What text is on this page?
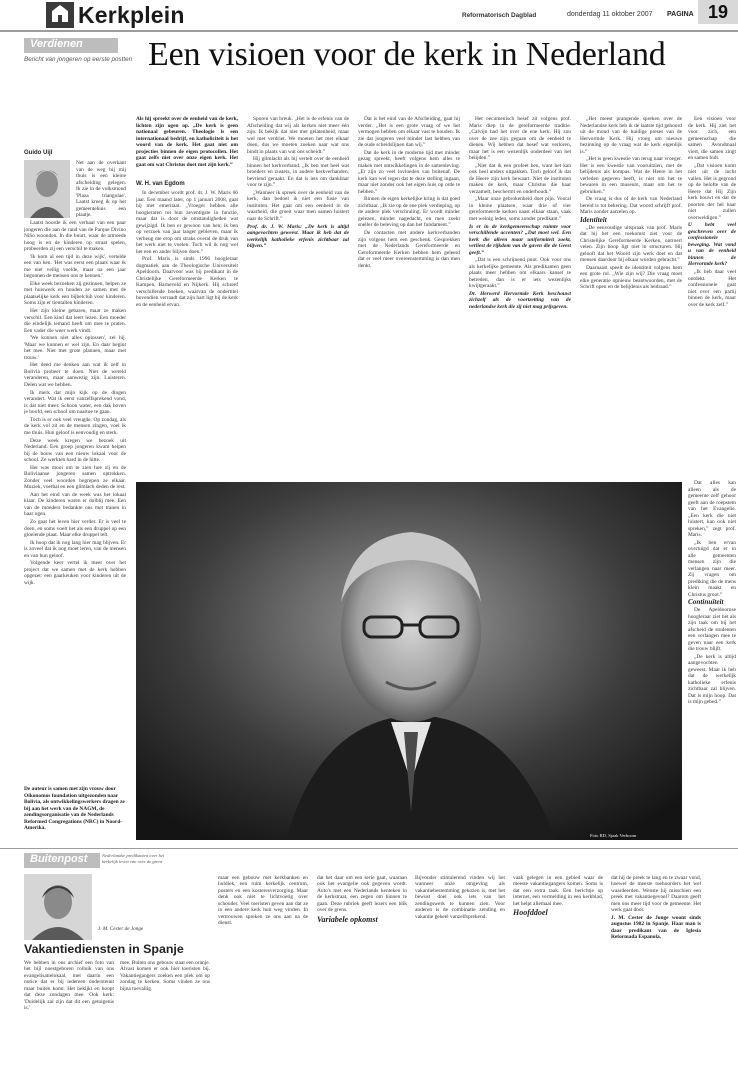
Kerkplein	Reformatorisch Dagblad	donderdag 11 oktober 2007 PAGINA 19
Verdienen
Bericht van jongeren op eerste postten Een visioen voor de kerk in Nederland
Guido Uijl

Net aan de overkant van de weg bij mij thuis is een kleine afscheiding gelegen. Ik zie in de volksmond 'Plaza triangulae'. Laatst kreeg ik op het gemeentehuis een plaatje.

Laatst hoorde ik een verhaal van een paar jongeren die aan de rand van de Parque Divino Niño woonden. In die buurt, waar de armoede hoog is en de kinderen op straat spelen, probeerden zij een verschil te maken.

'Ik kom al een tijd in deze wijk', vertelde een van hen. 'Het was eerst een plaats waar ik me niet veilig voelde, maar na een jaar begonnen de mensen ons te kennen.'

Elke week bezoeken zij gezinnen, helpen ze met huiswerk en houden ze samen met de plaatselijke kerk een bijbelclub voor kinderen. Soms zijn er tientallen kinderen.

Het zijn kleine gebaren, maar ze maken verschil. Een kind dat leert lezen. Een moeder die eindelijk iemand heeft om mee te praten. Een vader die weer werk vindt.

'We kunnen niet alles oplossen', zei hij. 'Maar we kunnen er wel zijn. En daar begint het mee. Niet met grote plannen, maar met trouw.'

Het deed me denken aan wat ik zelf in Bolivia probeer te doen. Niet de wereld veranderen, maar aanwezig zijn. Luisteren. Delen wat we hebben.

Ik merk dat mijn kijk op de dingen verandert. Wat ik eerst vanzelfsprekend vond, is dat niet meer. Schoon water, een dak boven je hoofd, een school om naartoe te gaan.

Toch is er ook veel vreugde. Op zondag, als de kerk vol zit en de mensen zingen, voel ik me thuis. Hun geloof is eenvoudig en sterk.

Deze week kregen we bezoek uit Nederland. Een groep jongeren kwam helpen bij de bouw van een nieuw lokaal voor de school. Ze werkten hard in de hitte.

Het was mooi om te zien hoe zij en de Boliviaanse jongeren samen optrokken. Zonder veel woorden begrepen ze elkaar. Muziek, voetbal en een glimlach deden de rest.

Aan het eind van de week was het lokaal klaar. De kinderen waren er dolblij mee. Een van de moeders bedankte ons met tranen in haar ogen.

Zo gaat het leven hier verder. Er is veel te doen, en soms voelt het als een druppel op een gloeiende plaat. Maar elke druppel telt.

Ik hoop dat ik nog lang hier mag blijven. Er is zoveel dat ik nog moet leren, van de mensen en van hun geloof.

Volgende keer vertel ik meer over het project dat we samen met de kerk hebben opgezet: een gaarkeuken voor kinderen uit de wijk.

De auteur is samen met zijn vrouw door Oikonomos foundation uitgezonden naar Bolivia, als ontwikkelingswerkers dragen ze bij aan het werk van de NAGM, de zendingsorganisatie van de Nederlands Reformed Congregations (NRC) in Noord-Amerika.
Als hij spreekt over de eenheid van de kerk, lichten zijn ogen op. „De kerk is geen nationaal gebeuren. Theologie is een internationaal bedrijf, en katholiciteit is het woord van de kerk. Het gaat niet om projecties binnen de eigen protocollen. Het gaat zelfs niet over onze eigen kerk. Het gaat om wat Christus doet met zijn kerk.”
W. H. van Egdom

In december wordt prof. dr. J. W. Maris 66 jaar. Een maand later, op 1 januari 2008, gaat hij met emeritaat. „Vroeger hebben alle hoogleraren tot hun zeventigste in functie, maar dat is door de omstandigheden wat gewijzigd. Ik ben er gewoon van hen; ik ben op verzoek van jaar langer gebleven, maar ik verheug me erop om straks overal de druk van het werk niet te voelen. Toch wil ik nog wel het een en ander blijven doen.”

Prof. Maris is sinds 1996 hoogleraar dogmatiek aan de Theologische Universiteit Apeldoorn. Daarvoor was hij predikant in de Christelijke Gereformeerde Kerken te Kampen, Barneveld en Nijkerk. Hij schreef verschillende boeken, waarvan de ondertitel bovendien verraadt dat zijn hart ligt bij de kerk en de eenheid ervan.

Sporen van breuk. „Het is de erfenis van de Afscheiding dat wij als kerken niet meer één zijn. Ik bekijk dat niet met gelatenheid, maar wel met verdriet. We moeten het met elkaar doen, dus we moeten zoeken naar wat ons bindt in plaats van wat ons scheidt.”

Hij glimlacht als hij vertelt over de eenheid binnen het kerkverband. „Ik ben met heel wat broeders en zusters, in andere kerkverbanden, bevriend geraakt. En dat is iets om dankbaar voor te zijn.”

„Wanneer ik spreek over de eenheid van de kerk, dan bedoel ik niet een fusie van instituten. Het gaat om een eenheid in de waarheid, die groeit waar men samen luistert naar de Schrift.”

Prof. dr. J. W. Maris: „De kerk is altijd aangevochten geweest. Maar ik heb dat de werkelijk katholieke erfenis zichtbaar zal blijven.”

Dat is het eind van de Afscheiding, gaat hij verder. „Het is een grote vraag of we het vermogen hebben om elkaar vast te houden. Ik zie dat jongeren veel minder last hebben van de oude scheidslijnen dan wij.”

Dat de kerk in de moderne tijd met minder gezag spreekt, heeft volgens hem alles te maken met ontwikkelingen in de samenleving. „Er zijn zo veel invloeden van buitenaf. De kerk kan wel tegen dat te deze stelling ingaan, maar niet zonder ook het eigen huis op orde te hebben.”

Binnen de eigen kerkelijke kring is dat goed zichtbaar. „Ik zie op de ene plek verdieping, op de andere plek verschraling. Er wordt minder gelezen, minder nagedacht, en men zoekt sneller de beleving op dan het fundament.”

De contacten met andere kerkverbanden zijn volgens hem een geschenk. Gesprekken met de Nederlands Gereformeerde en Gereformeerde Kerken hebben hem geleerd dat er veel meer overeenstemming is dan men denkt.

Het oecumenisch besef zit volgens prof. Maris diep in de gereformeerde traditie. „Calvijn had het over de ene kerk. Hij zou over de zee zijn gegaan om de eenheid te dienen. Wij hebben dat besef wat verloren, maar het is een wezenlijk onderdeel van het belijden.”

„Niet dat ik een profeet ben, want het kan ook heel anders uitpakken. Toch geloof ik dat de Heere zijn kerk bewaart. Niet de instituten maken de kerk, maar Christus die haar verzamelt, beschermt en onderhoudt.”

„Maar onze gebrokenheid doet pijn. Vooral in kleine plaatsen, waar drie of vier gereformeerde kerken naast elkaar staan, vaak met weinig leden, soms zonder predikant.”

Is er in de kerkgemeenschap ruimte voor verschillende accenten? „Dat moet wel. Een kerk die alleen maar uniformiteit zoekt, verliest de rijkdom van de gaven die de Geest geeft.”

„Dat is een schrijnend punt. Ook voor ons als kerkelijke gemeente. Als predikanten geen plaats meer hebben om elkaars kansel te betreden, dan is er iets wezenlijks kwijtgeraakt.”

Dr. Herwerd Hervormde Kerk beschouwt zichzelf als de voortzetting van de nederlandse kerk die zij niet mag prijsgeven.

„Het meest prangende spreken over de Nederlandse kerk heb ik de laatste tijd gehoord uit de mond van de huidige preses van de Hervormde Kerk. Hij vroeg om nieuwe bezinning op de vraag wat de kerk eigenlijk is.”

„Het is geen kwestie van terug naar vroeger. Het is een kwestie van vooruitzien, met de belijdenis als kompas. Wat de Heere in het verleden gegeven heeft, is niet om het te bewaren in een museum, maar om het te gebruiken.”

De vraag is dus of de kerk van Nederland bereid is tot bekering. Dat woord schrijft prof. Maris zonder aarzelen op.

Identiteit

„De eenvoudige uitspraak van prof. Maris dat hij het een toekomst ziet voor de Christelijke Gereformeerde Kerken, ontroert velen. Zijn hoop ligt niet in structuren. Hij gelooft dat het Woord zijn werk doet en dat mensen daardoor bij elkaar worden gebracht.”

Daarnaast speelt de identiteit volgens hem een grote rol. „Wie zijn wij? Die vraag moet elke generatie opnieuw beantwoorden, met de Schrift open en de belijdenis als leidraad.”

Een visioen voor de kerk. Hij ziet het voor zich, een gemeenschap die samen Avondmaal viert, die samen zingt en samen bidt.

„Dat visioen komt niet uit de lucht vallen. Het is gegrond op de belofte van de Heere dat Hij Zijn kerk bouwt en dat de poorten der hel haar niet zullen overweldigen.”

U hebt veel geschreven over de confessionele beweging. Wat vond u van de eenheid binnen de Hervormde kerk?

„Ik heb daar veel ontdekt. Het confessionele gaat niet over een partij binnen de kerk, maar over de kerk zelf.”

Dat alles kan alleen als de gemeente zelf gehoor geeft aan de roepstem van het Evangelie. „Een kerk die niet luistert, kan ook niet spreken,” zegt prof. Maris.

„Ik ben ervan overtuigd dat er in alle gemeenten mensen zijn die verlangen naar meer. Zij vragen om prediking die de mens klein maakt en Christus groot.”

Continuïteit

De Apeldoornse hoogleraar ziet het als zijn taak om bij het afscheid de studenten een verlangen mee te geven naar een kerk die trouw blijft.

„De kerk is altijd aangevochten geweest. Maar ik heb dat de werkelijk katholieke erfenis zichtbaar zal blijven. Dat is mijn hoop. Dat is mijn gebed.”

Foto RD, Sjaak Verboom
Buitenpost	Nederlandse predikanten over het kerkelijk leven van over de grens
J. M. Cester de Jonge
Vakantiediensten in Spanje

We hebben in ons archief een foto van het bijl noestgeboren rolluik van ons evangelisatielokaal, met daarin een notice dat er bij iedereen ondersteunt maar buiten komt. Het bekijkt en hoopt dat deze zondagen mee. Ook kerk: 'Duidelijk zal zijn dat dit een getuigenis is.'

mee. Buiten ons gebouw staat een oranje. Alvast komen er ook hier toeristen bij. Vakantiegangers zoeken een plek om op zondag te kerken. Soms vinden ze ons bijna toevallig.

maar een gebouw met kerkbanken en huldiek, een ruim kerkelijk centrum, posters en een kosteresverzorging. Maar denk ook niet te lichtvoetig over schouder. Veel toeristen geven aan dat ze in een andere kerk hun weg vinden. In vertrouwen spreken ze ons aan na de dienst.

dat het daar om een serie gaat, waaraan ook het evangelie ook gegeven wordt. Auto's met een Nederlands kenteken in de kerkstraat, een zegen om binnen te gaan. Deze rubriek geeft lezers een blik over de grens.

Variabele opkomst

Bijvonder stimulerend vinden wij het wanneer onze omgeving als vakantiebestemming gekozen is, met het bewust doel ook iets van het zendingswerk te kunnen zien. Voor anderen is de combinatie zending en vakantie geheel vanzelfsprekend.

vaak gelegen in een gebied waar de meeste vakantiegangers komen. Soms is dat een extra taak. Een berichtje op internet, een vermelding in een kerkblad, het helpt allemaal mee.

Hoofddoel

dat hij de preek te lang en te zwaar vond, hoewel de meeste toehoorders het wel waardeerden. Wenste hij misschien een preek met vakantiegevoel? Daarom geeft men ons meer tijd voor de gemeente. Het werk gaat door.

J. M. Cester de Jonge woont sinds augustus 1982 in Spanje. Haar man is daar predikant van de Iglesia Reformada Espanola.
